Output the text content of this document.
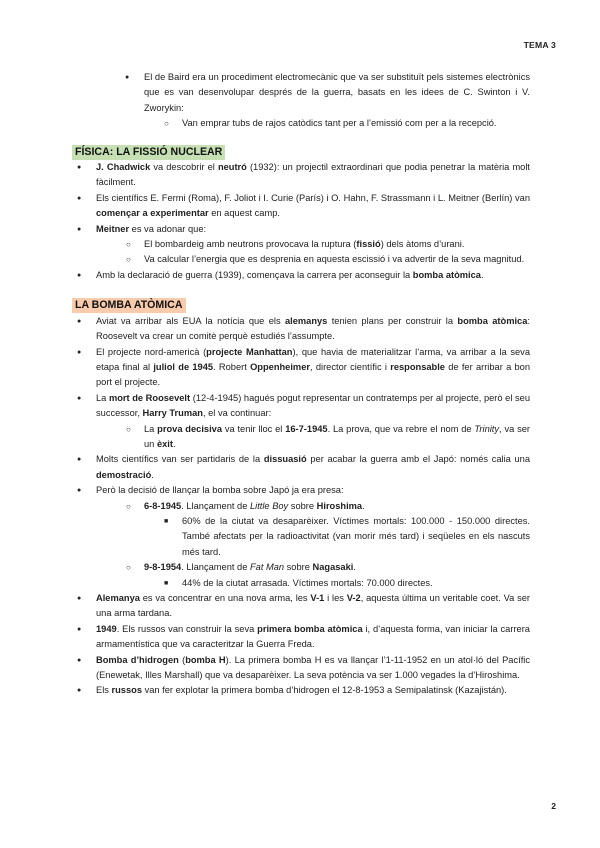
TEMA 3
● El de Baird era un procediment electromecànic que va ser substituït pels sistemes electrònics que es van desenvolupar després de la guerra, basats en les idees de C. Swinton i V. Zworykin:
○ Van emprar tubs de rajos catòdics tant per a l’emissió com per a la recepció.
FÍSICA: LA FISSIÓ NUCLEAR
● J. Chadwick va descobrir el neutró (1932): un projectil extraordinari que podia penetrar la matèria molt fàcilment.
● Els científics E. Fermi (Roma), F. Joliot i I. Curie (París) i O. Hahn, F. Strassmann i L. Meitner (Berlín) van començar a experimentar en aquest camp.
● Meitner es va adonar que:
○ El bombardeig amb neutrons provocava la ruptura (fissió) dels àtoms d’urani.
○ Va calcular l’energia que es desprenia en aquesta escissió i va advertir de la seva magnitud.
● Amb la declaració de guerra (1939), començava la carrera per aconseguir la bomba atòmica.
LA BOMBA ATÒMICA
● Aviat va arribar als EUA la notícia que els alemanys tenien plans per construir la bomba atòmica: Roosevelt va crear un comitè perquè estudiés l’assumpte.
● El projecte nord-americà (projecte Manhattan), que havia de materialitzar l’arma, va arribar a la seva etapa final al juliol de 1945. Robert Oppenheimer, director científic i responsable de fer arribar a bon port el projecte.
● La mort de Roosevelt (12-4-1945) hagués pogut representar un contratemps per al projecte, però el seu successor, Harry Truman, el va continuar:
○ La prova decisiva va tenir lloc el 16-7-1945. La prova, que va rebre el nom de Trinity, va ser un èxit.
● Molts científics van ser partidaris de la dissuasió per acabar la guerra amb el Japó: només calia una demostració.
● Però la decisió de llançar la bomba sobre Japó ja era presa:
○ 6-8-1945. Llançament de Little Boy sobre Hiroshima.
■ 60% de la ciutat va desaparèixer. Víctimes mortals: 100.000 - 150.000 directes. També afectats per la radioactivitat (van morir més tard) i seqüeles en els nascuts més tard.
○ 9-8-1954. Llançament de Fat Man sobre Nagasaki.
■ 44% de la ciutat arrasada. Víctimes mortals: 70.000 directes.
● Alemanya es va concentrar en una nova arma, les V-1 i les V-2, aquesta última un veritable coet. Va ser una arma tardana.
● 1949. Els russos van construir la seva primera bomba atòmica i, d’aquesta forma, van iniciar la carrera armamentística que va caracteritzar la Guerra Freda.
● Bomba d’hidrogen (bomba H). La primera bomba H es va llançar l’1-11-1952 en un atol·ló del Pacífic (Enewetak, Illes Marshall) que va desaparèixer. La seva potència va ser 1.000 vegades la d’Hiroshima.
● Els russos van fer explotar la primera bomba d’hidrogen el 12-8-1953 a Semipalatinsk (Kazajistán).
2
